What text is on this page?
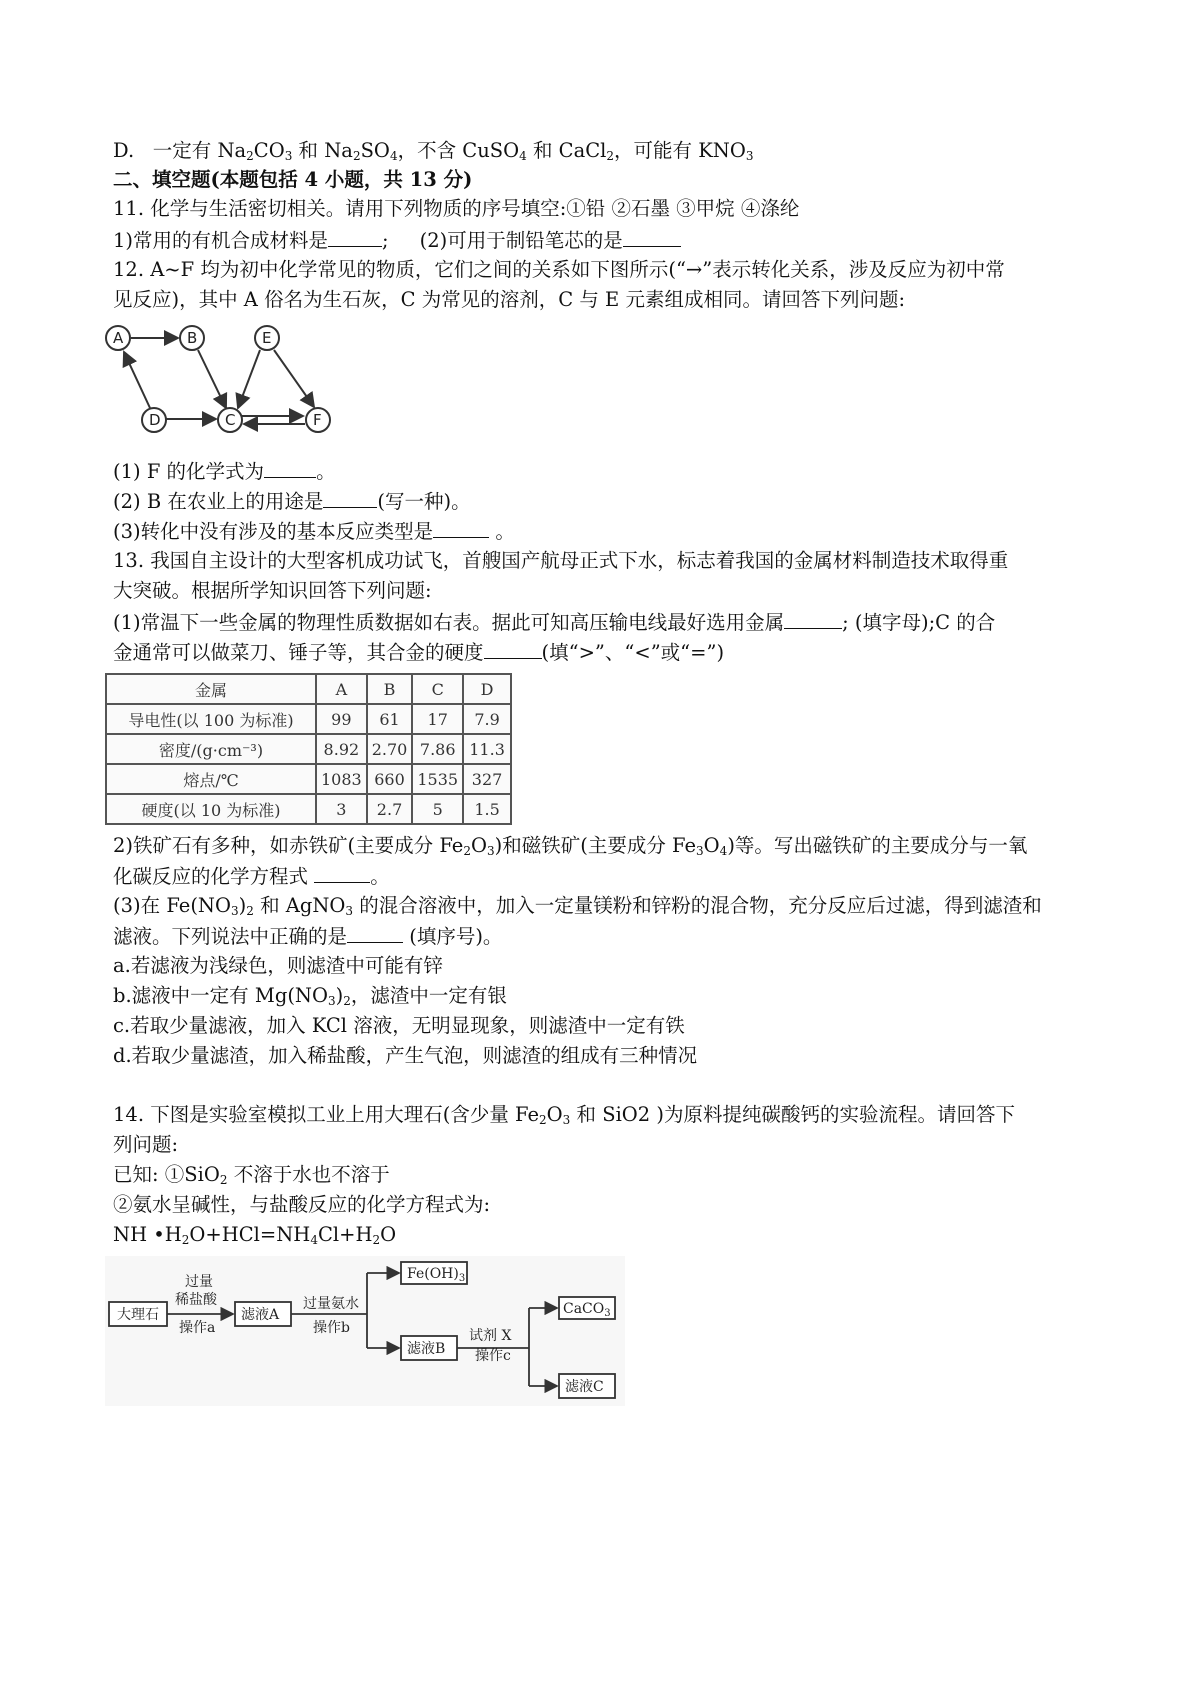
D. 一定有 $Na_2CO_3$ 和 $Na_2SO_4$，不含 CuSO$_4$ 和 CaCl$_2$，可能有 $KNO_3$
二、填空题(本题包括 4 小题，共 13 分)
11. 化学与生活密切相关。请用下列物质的序号填空:①铅 ②石墨 ③甲烷 ④涤纶
1)常用的有机合成材料是	; (2)可用于制铅笔芯的是
12. A~F 均为初中化学常见的物质，它们之间的关系如下图所示(“→”表示转化关系，涉及反应为初中常
见反应)，其中 A 俗名为生石灰，C 为常见的溶剂，C 与 E 元素组成相同。请回答下列问题:
A	B	E
D	C	F
(1) F 的化学式为	。
(2) B 在农业上的用途是	(写一种)。
(3)转化中没有涉及的基本反应类型是	。
13. 我国自主设计的大型客机成功试飞，首艘国产航母正式下水，标志着我国的金属材料制造技术取得重
大突破。根据所学知识回答下列问题:
(1)常温下一些金属的物理性质数据如右表。据此可知高压输电线最好选用金属	; (填字母);C 的合
金通常可以做菜刀、锤子等，其合金的硬度	(填“>”、“<”或“=”)
金属	A	B	C	D
导电性(以 100 为标准)	99	61	17	7.9
密度/(g·cm⁻³)	8.92	2.70	7.86	11.3
熔点/℃	1083	660	1535	327
硬度(以 10 为标准)	3	2.7	5	1.5
2)铁矿石有多种，如赤铁矿(主要成分 $Fe_2O_3$)和磁铁矿(主要成分 $Fe_3O_4$)等。写出磁铁矿的主要成分与一氧
化碳反应的化学方程式	。
(3)在 $Fe(NO_3)_2$ 和 AgNO$_3$ 的混合溶液中，加入一定量镁粉和锌粉的混合物，充分反应后过滤，得到滤渣和
滤液。下列说法中正确的是	(填序号)。
a.若滤液为浅绿色，则滤渣中可能有锌
b.滤液中一定有 $Mg(NO_3)_2$，滤渣中一定有银
c.若取少量滤液，加入 KCl 溶液，无明显现象，则滤渣中一定有铁
d.若取少量滤渣，加入稀盐酸，产生气泡，则滤渣的组成有三种情况
14. 下图是实验室模拟工业上用大理石(含少量 $Fe_2O_3$ 和 SiO2 )为原料提纯碳酸钙的实验流程。请回答下
列问题:
已知: ①SiO$_2$ 不溶于水也不溶于
②氨水呈碱性，与盐酸反应的化学方程式为:
NH $•H_2O+HCl=NH_4Cl+H_2O$
大理石
过量
稀盐酸
操作a
滤液A
过量氨水
操作b
$Fe(OH)_3$
滤液B
试剂 X
操作c
CaCO$_3$
滤液C
